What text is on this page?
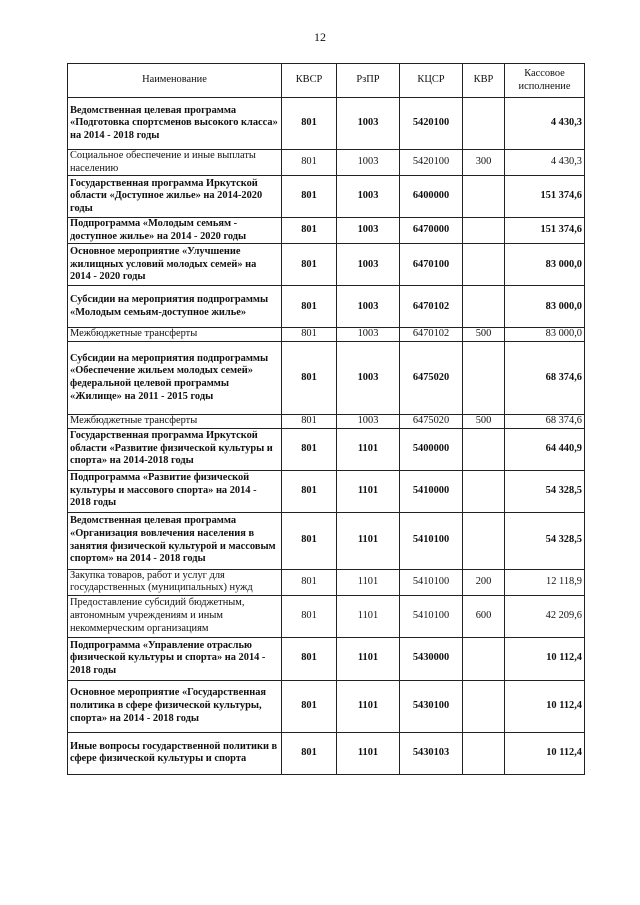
12
Наименование	КВСР	РзПР	КЦСР	КВР	Кассовое исполнение
Ведомственная целевая программа «Подготовка спортсменов высокого класса» на 2014 - 2018 годы	801	1003	5420100		4 430,3
Социальное обеспечение и иные выплаты населению	801	1003	5420100	300	4 430,3
Государственная программа Иркутской области «Доступное жилье» на 2014-2020 годы	801	1003	6400000		151 374,6
Подпрограмма «Молодым семьям - доступное жилье» на 2014 - 2020 годы	801	1003	6470000		151 374,6
Основное мероприятие «Улучшение жилищных условий молодых семей» на 2014 - 2020 годы	801	1003	6470100		83 000,0
Субсидии на мероприятия подпрограммы «Молодым семьям-доступное жилье»	801	1003	6470102		83 000,0
Межбюджетные трансферты	801	1003	6470102	500	83 000,0
Субсидии на мероприятия подпрограммы «Обеспечение жильем молодых семей» федеральной целевой программы «Жилище» на 2011 - 2015 годы	801	1003	6475020		68 374,6
Межбюджетные трансферты	801	1003	6475020	500	68 374,6
Государственная программа Иркутской области «Развитие физической культуры и спорта» на 2014-2018 годы	801	1101	5400000		64 440,9
Подпрограмма «Развитие физической культуры и массового спорта» на 2014 - 2018 годы	801	1101	5410000		54 328,5
Ведомственная целевая программа «Организация вовлечения населения в занятия физической культурой и массовым спортом» на 2014 - 2018 годы	801	1101	5410100		54 328,5
Закупка товаров, работ и услуг для государственных (муниципальных) нужд	801	1101	5410100	200	12 118,9
Предоставление субсидий бюджетным, автономным учреждениям и иным некоммерческим организациям	801	1101	5410100	600	42 209,6
Подпрограмма «Управление отраслью физической культуры и спорта» на 2014 - 2018 годы	801	1101	5430000		10 112,4
Основное мероприятие «Государственная политика в сфере физической культуры, спорта» на 2014 - 2018 годы	801	1101	5430100		10 112,4
Иные вопросы государственной политики в сфере физической культуры и спорта	801	1101	5430103		10 112,4
